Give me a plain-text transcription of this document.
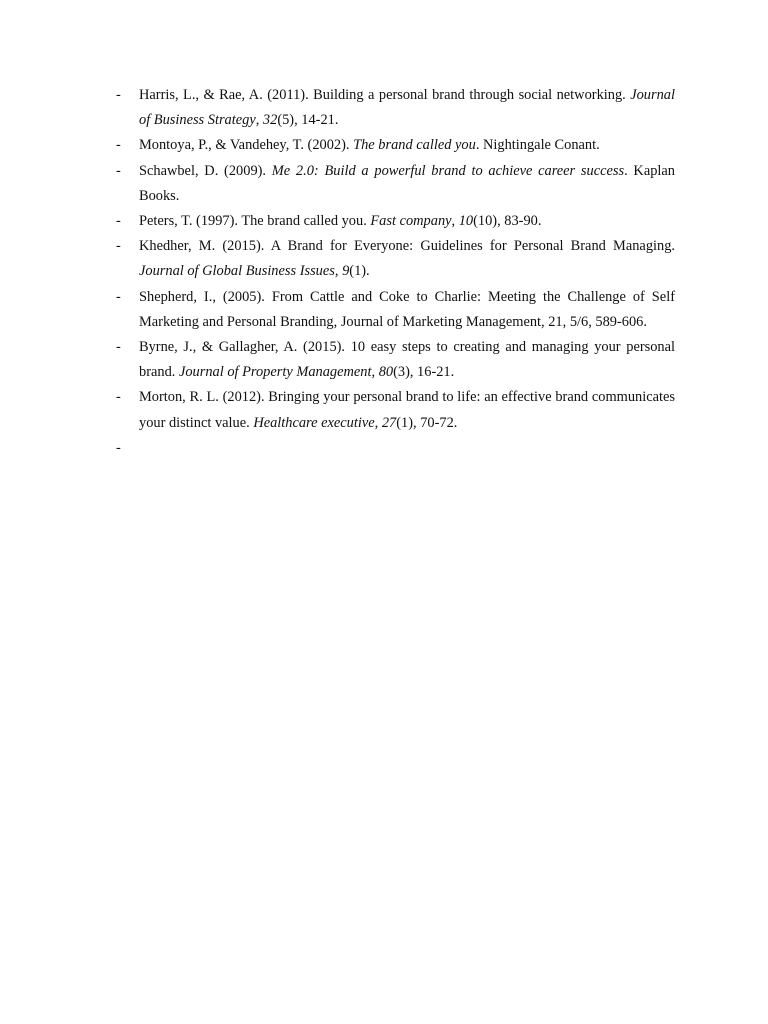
-	Harris, L., & Rae, A. (2011). Building a personal brand through social networking. Journal of Business Strategy, 32(5), 14-21.
-	Montoya, P., & Vandehey, T. (2002). The brand called you. Nightingale Conant.
-	Schawbel, D. (2009). Me 2.0: Build a powerful brand to achieve career success. Kaplan Books.
-	Peters, T. (1997). The brand called you. Fast company, 10(10), 83-90.
-	Khedher, M. (2015). A Brand for Everyone: Guidelines for Personal Brand Managing. Journal of Global Business Issues, 9(1).
-	Shepherd, I., (2005). From Cattle and Coke to Charlie: Meeting the Challenge of Self Marketing and Personal Branding, Journal of Marketing Management, 21, 5/6, 589-606.
-	Byrne, J., & Gallagher, A. (2015). 10 easy steps to creating and managing your personal brand. Journal of Property Management, 80(3), 16-21.
-	Morton, R. L. (2012). Bringing your personal brand to life: an effective brand communicates your distinct value. Healthcare executive, 27(1), 70-72.
-
